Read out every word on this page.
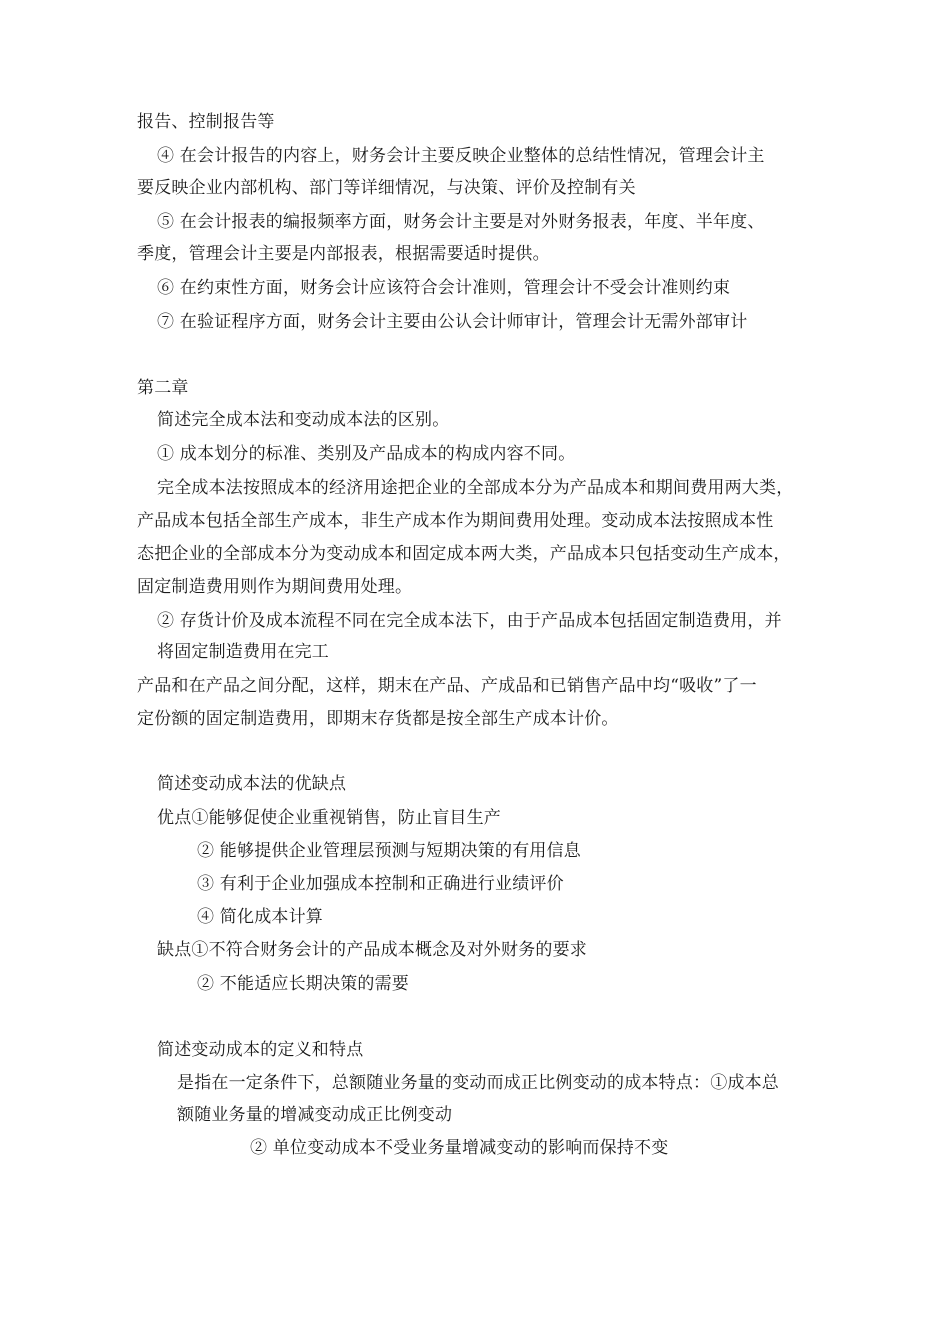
报告、控制报告等
④ 在会计报告的内容上，财务会计主要反映企业整体的总结性情况，管理会计主
要反映企业内部机构、部门等详细情况，与决策、评价及控制有关
⑤ 在会计报表的编报频率方面，财务会计主要是对外财务报表，年度、半年度、
季度，管理会计主要是内部报表，根据需要适时提供。
⑥ 在约束性方面，财务会计应该符合会计准则，管理会计不受会计准则约束
⑦ 在验证程序方面，财务会计主要由公认会计师审计，管理会计无需外部审计
第二章
简述完全成本法和变动成本法的区别。
① 成本划分的标准、类别及产品成本的构成内容不同。
完全成本法按照成本的经济用途把企业的全部成本分为产品成本和期间费用两大类，
产品成本包括全部生产成本，非生产成本作为期间费用处理。变动成本法按照成本性
态把企业的全部成本分为变动成本和固定成本两大类，产品成本只包括变动生产成本，
固定制造费用则作为期间费用处理。
② 存货计价及成本流程不同在完全成本法下，由于产品成本包括固定制造费用，并
将固定制造费用在完工
产品和在产品之间分配，这样，期末在产品、产成品和已销售产品中均“吸收”了一
定份额的固定制造费用，即期末存货都是按全部生产成本计价。
简述变动成本法的优缺点
优点①能够促使企业重视销售，防止盲目生产
② 能够提供企业管理层预测与短期决策的有用信息
③ 有利于企业加强成本控制和正确进行业绩评价
④ 简化成本计算
缺点①不符合财务会计的产品成本概念及对外财务的要求
② 不能适应长期决策的需要
简述变动成本的定义和特点
是指在一定条件下，总额随业务量的变动而成正比例变动的成本特点：①成本总
额随业务量的增减变动成正比例变动
② 单位变动成本不受业务量增减变动的影响而保持不变
